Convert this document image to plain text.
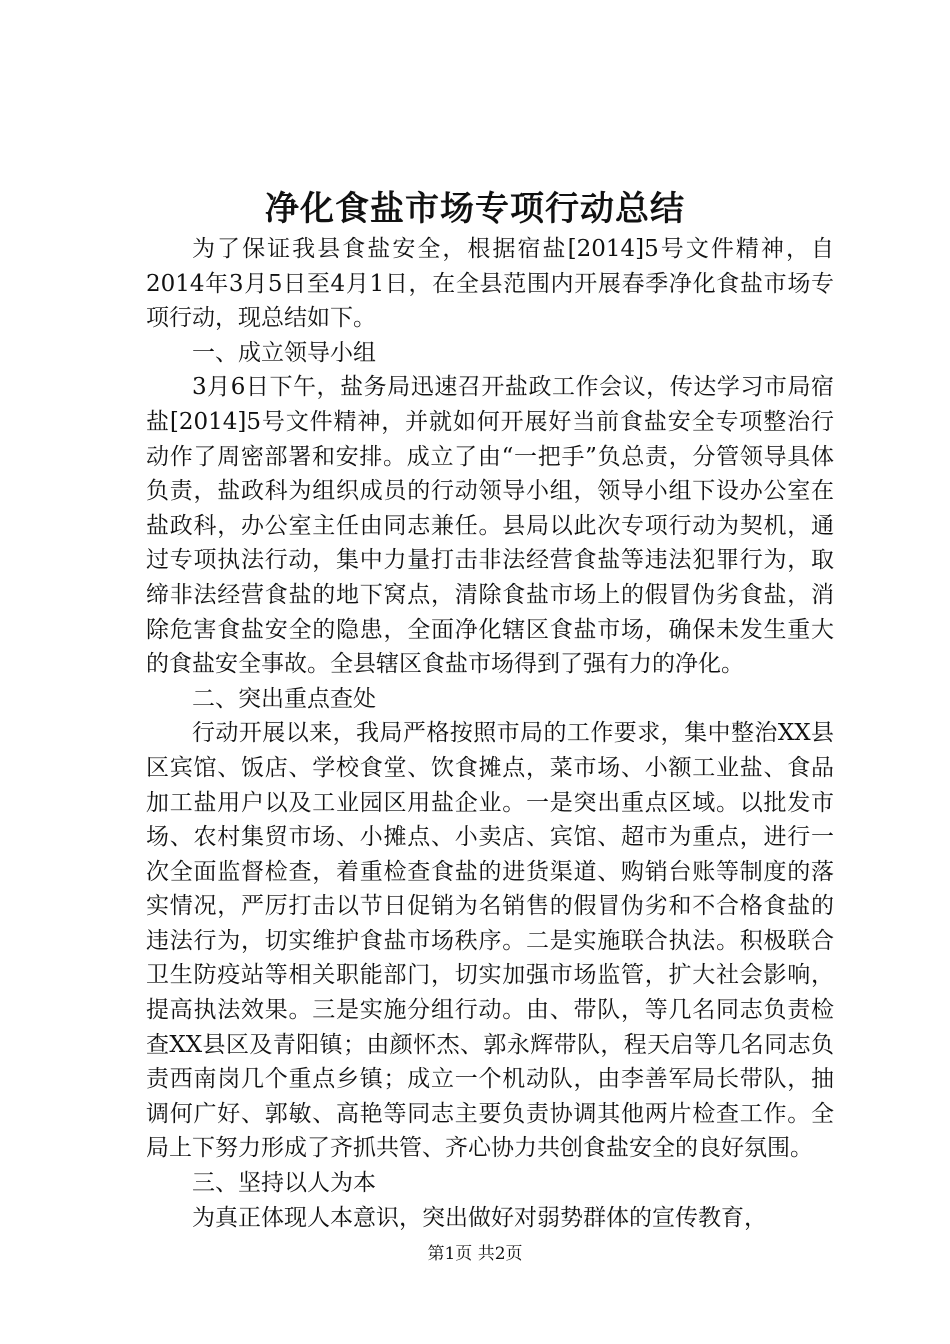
净化食盐市场专项行动总结

为了保证我县食盐安全，根据宿盐[2014]5号文件精神，自2014年3月5日至4月1日，在全县范围内开展春季净化食盐市场专项行动，现总结如下。

一、成立领导小组

3月6日下午，盐务局迅速召开盐政工作会议，传达学习市局宿盐[2014]5号文件精神，并就如何开展好当前食盐安全专项整治行动作了周密部署和安排。成立了由“一把手”负总责，分管领导具体负责，盐政科为组织成员的行动领导小组，领导小组下设办公室在盐政科，办公室主任由同志兼任。县局以此次专项行动为契机，通过专项执法行动，集中力量打击非法经营食盐等违法犯罪行为，取缔非法经营食盐的地下窝点，清除食盐市场上的假冒伪劣食盐，消除危害食盐安全的隐患，全面净化辖区食盐市场，确保未发生重大的食盐安全事故。全县辖区食盐市场得到了强有力的净化。

二、突出重点查处

行动开展以来，我局严格按照市局的工作要求，集中整治XX县区宾馆、饭店、学校食堂、饮食摊点，菜市场、小额工业盐、食品加工盐用户以及工业园区用盐企业。一是突出重点区域。以批发市场、农村集贸市场、小摊点、小卖店、宾馆、超市为重点，进行一次全面监督检查，着重检查食盐的进货渠道、购销台账等制度的落实情况，严厉打击以节日促销为名销售的假冒伪劣和不合格食盐的违法行为，切实维护食盐市场秩序。二是实施联合执法。积极联合卫生防疫站等相关职能部门，切实加强市场监管，扩大社会影响，提高执法效果。三是实施分组行动。由、带队，等几名同志负责检查XX县区及青阳镇；由颜怀杰、郭永辉带队，程天启等几名同志负责西南岗几个重点乡镇；成立一个机动队，由李善军局长带队，抽调何广好、郭敏、高艳等同志主要负责协调其他两片检查工作。全局上下努力形成了齐抓共管、齐心协力共创食盐安全的良好氛围。

三、坚持以人为本

为真正体现人本意识，突出做好对弱势群体的宣传教育，

第1页 共2页
